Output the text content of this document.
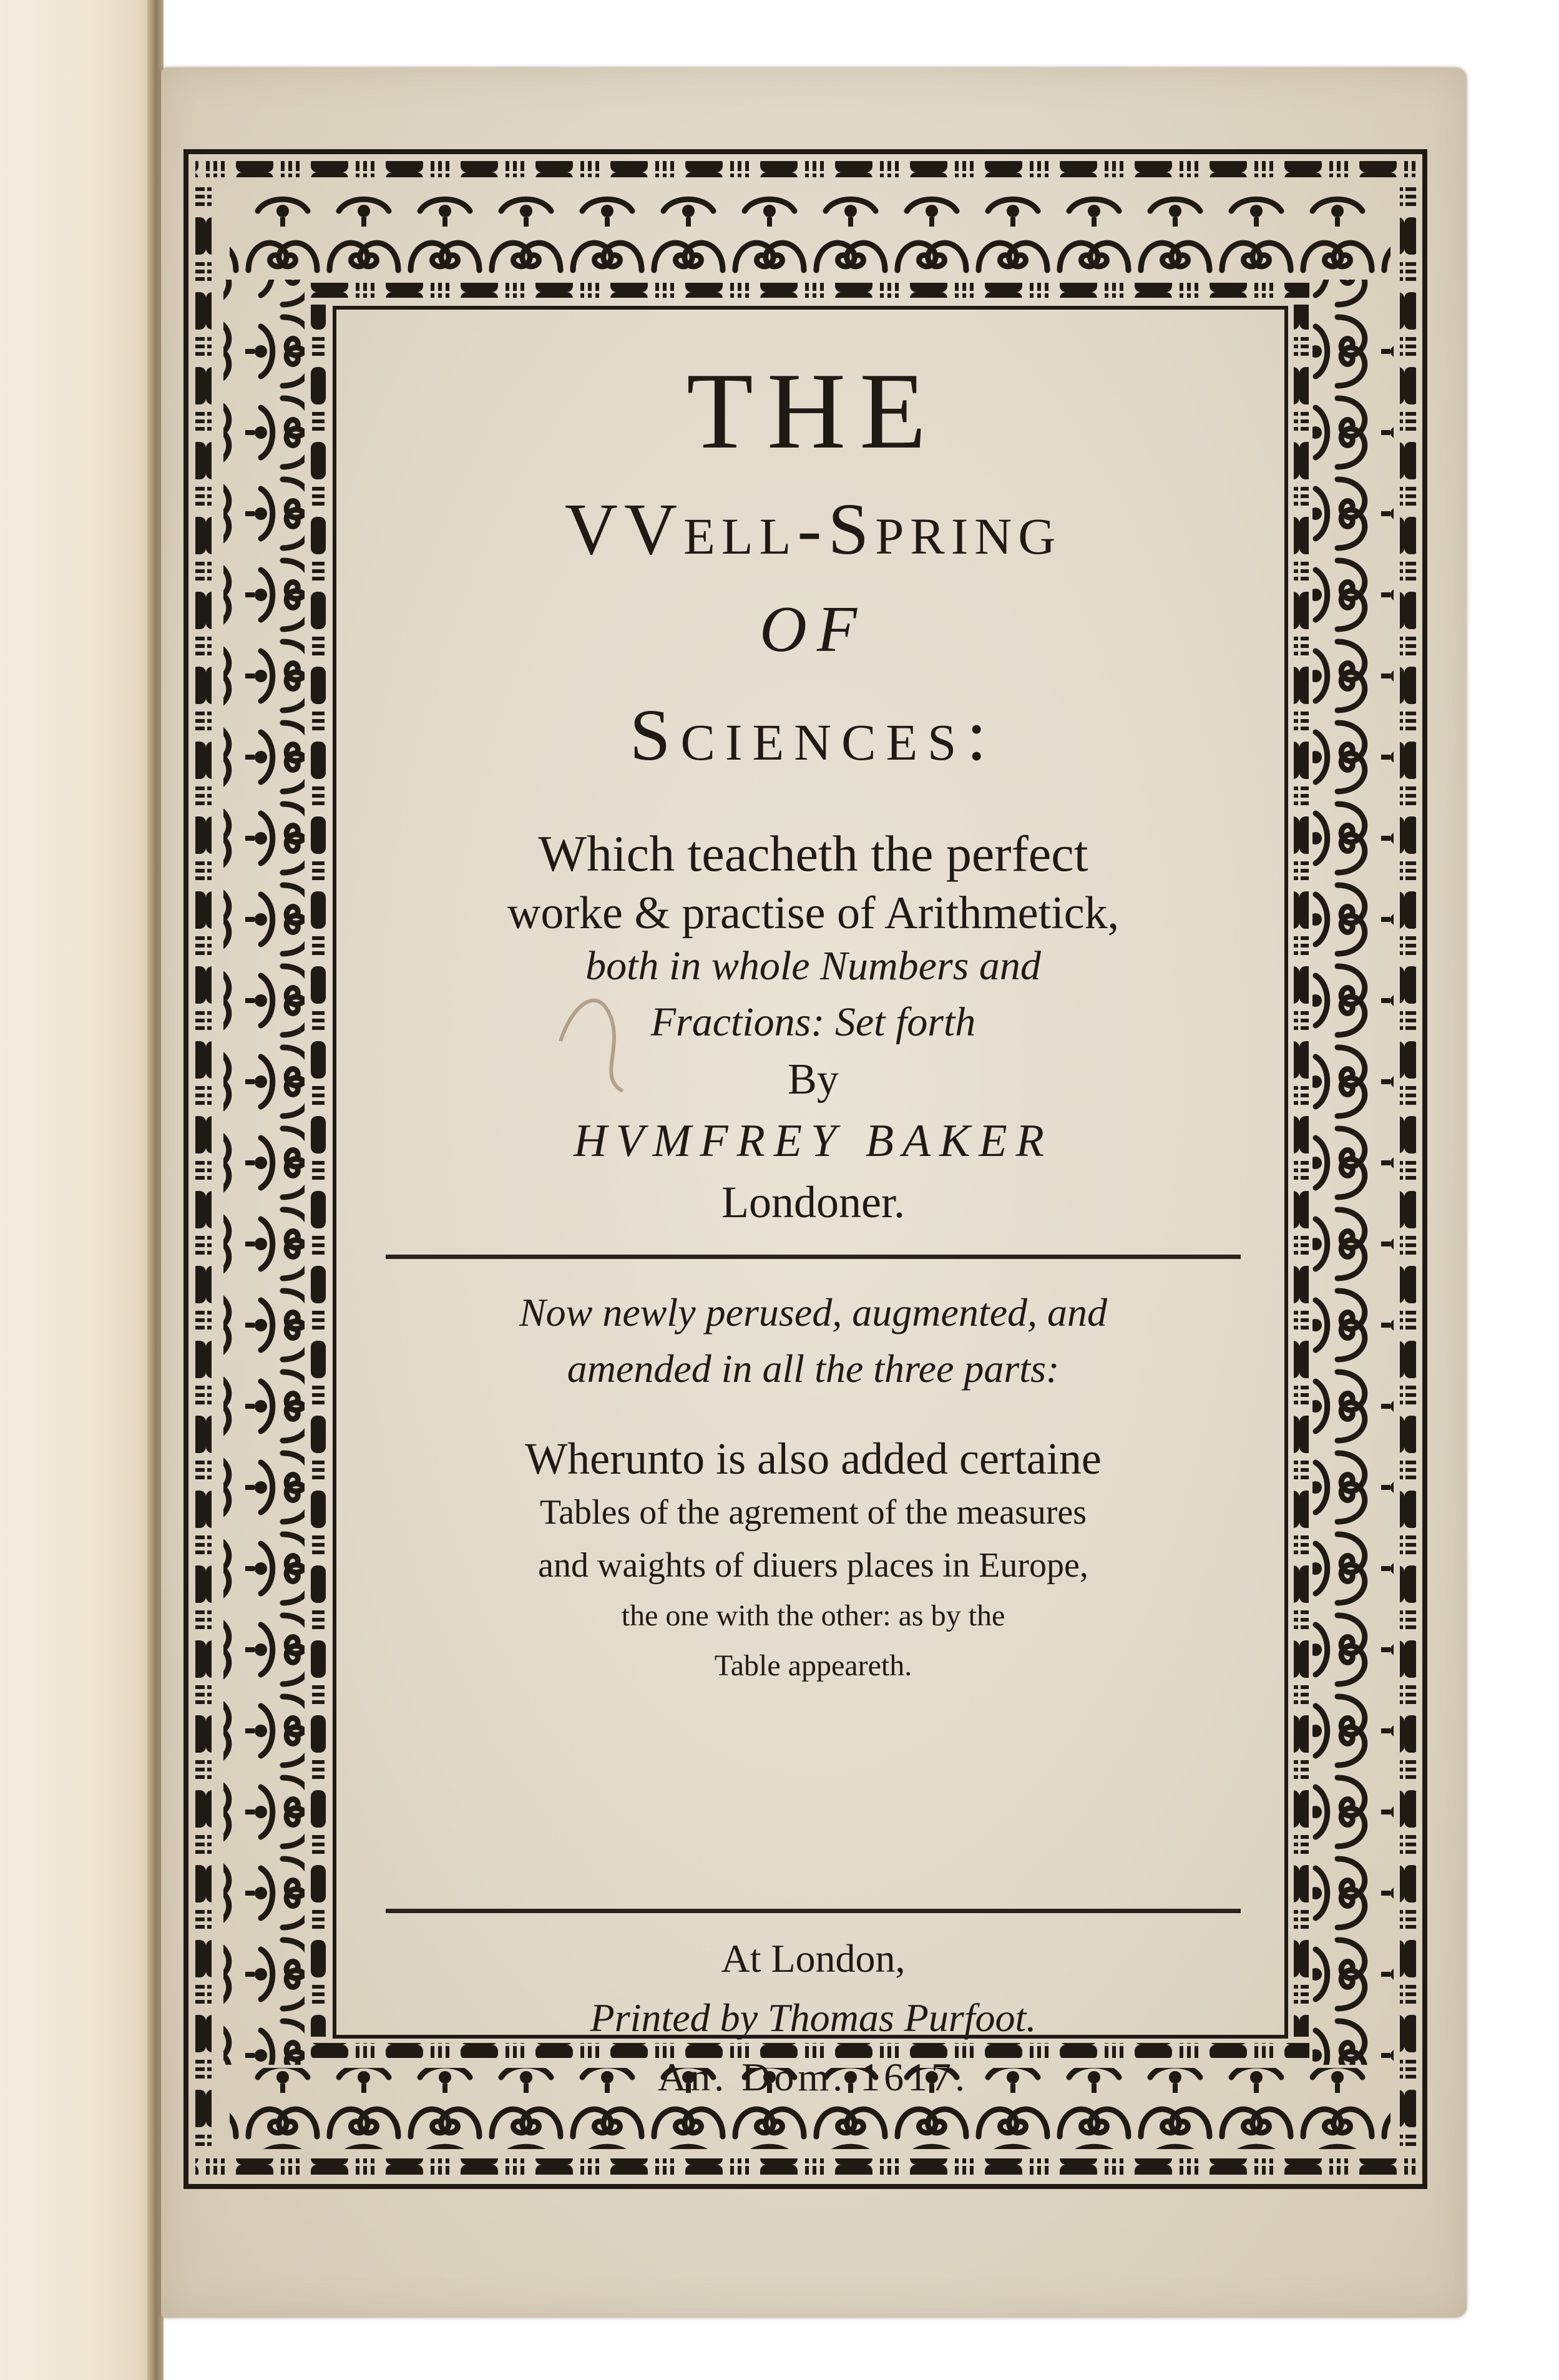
THE
VVell-Spring
OF
Sciences:
Which teacheth the perfect
worke & practise of Arithmetick,
both in whole Numbers and
Fractions: Set forth
By
HVMFREY BAKER
Londoner.
Now newly perused, augmented, and
amended in all the three parts:
Wherunto is also added certaine
Tables of the agrement of the measures
and waights of diuers places in Europe,
the one with the other: as by the
Table appeareth.
At London,
Printed by Thomas Purfoot.
An. Dom. 1617.
